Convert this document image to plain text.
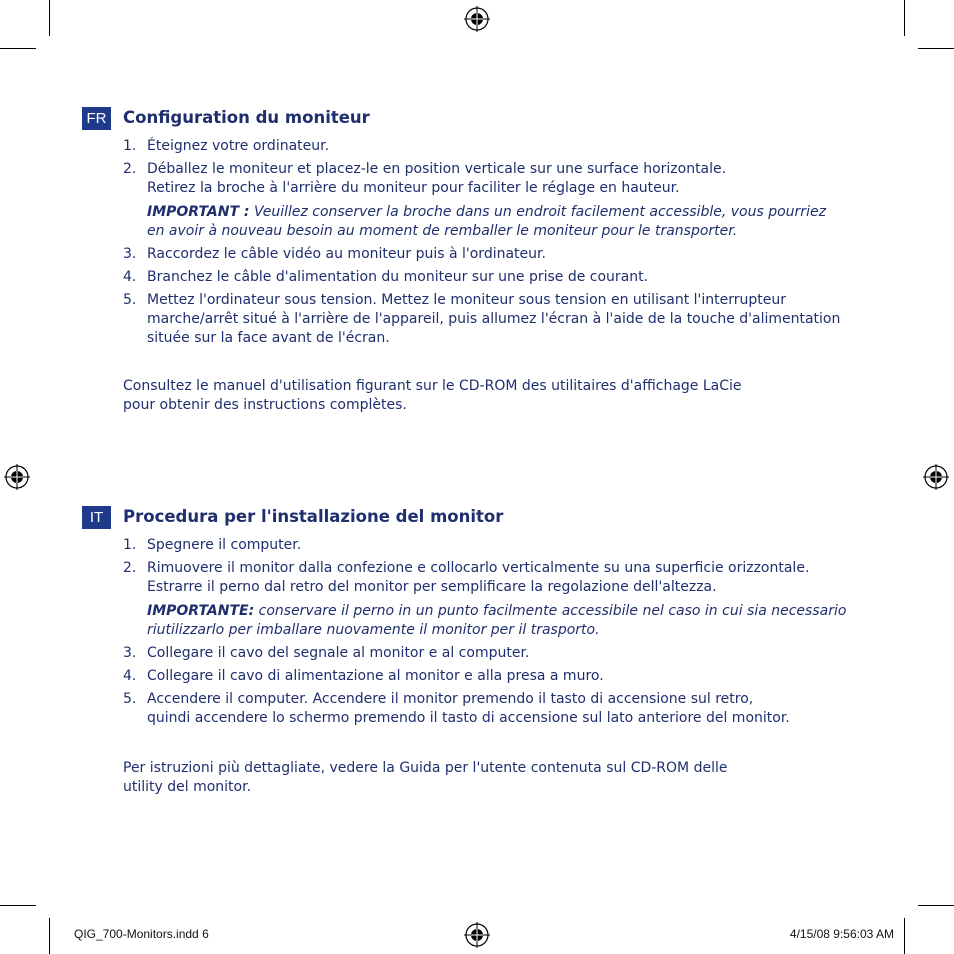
FR Configuration du moniteur
1. Éteignez votre ordinateur.
2. Déballez le moniteur et placez-le en position verticale sur une surface horizontale.
Retirez la broche à l'arrière du moniteur pour faciliter le réglage en hauteur.
IMPORTANT : Veuillez conserver la broche dans un endroit facilement accessible, vous pourriez
en avoir à nouveau besoin au moment de remballer le moniteur pour le transporter.
3. Raccordez le câble vidéo au moniteur puis à l'ordinateur.
4. Branchez le câble d'alimentation du moniteur sur une prise de courant.
5. Mettez l'ordinateur sous tension. Mettez le moniteur sous tension en utilisant l'interrupteur
marche/arrêt situé à l'arrière de l'appareil, puis allumez l'écran à l'aide de la touche d'alimentation
située sur la face avant de l'écran.
Consultez le manuel d'utilisation figurant sur le CD-ROM des utilitaires d'affichage LaCie
pour obtenir des instructions complètes.
IT	Procedura per l'installazione del monitor
1. Spegnere il computer.
2. Rimuovere il monitor dalla confezione e collocarlo verticalmente su una superficie orizzontale.
Estrarre il perno dal retro del monitor per semplificare la regolazione dell'altezza.
IMPORTANTE: conservare il perno in un punto facilmente accessibile nel caso in cui sia necessario
riutilizzarlo per imballare nuovamente il monitor per il trasporto.
3. Collegare il cavo del segnale al monitor e al computer.
4. Collegare il cavo di alimentazione al monitor e alla presa a muro.
5. Accendere il computer. Accendere il monitor premendo il tasto di accensione sul retro,
quindi accendere lo schermo premendo il tasto di accensione sul lato anteriore del monitor.
Per istruzioni più dettagliate, vedere la Guida per l'utente contenuta sul CD-ROM delle
utility del monitor.
QIG_700-Monitors.indd 6	4/15/08 9:56:03 AM
